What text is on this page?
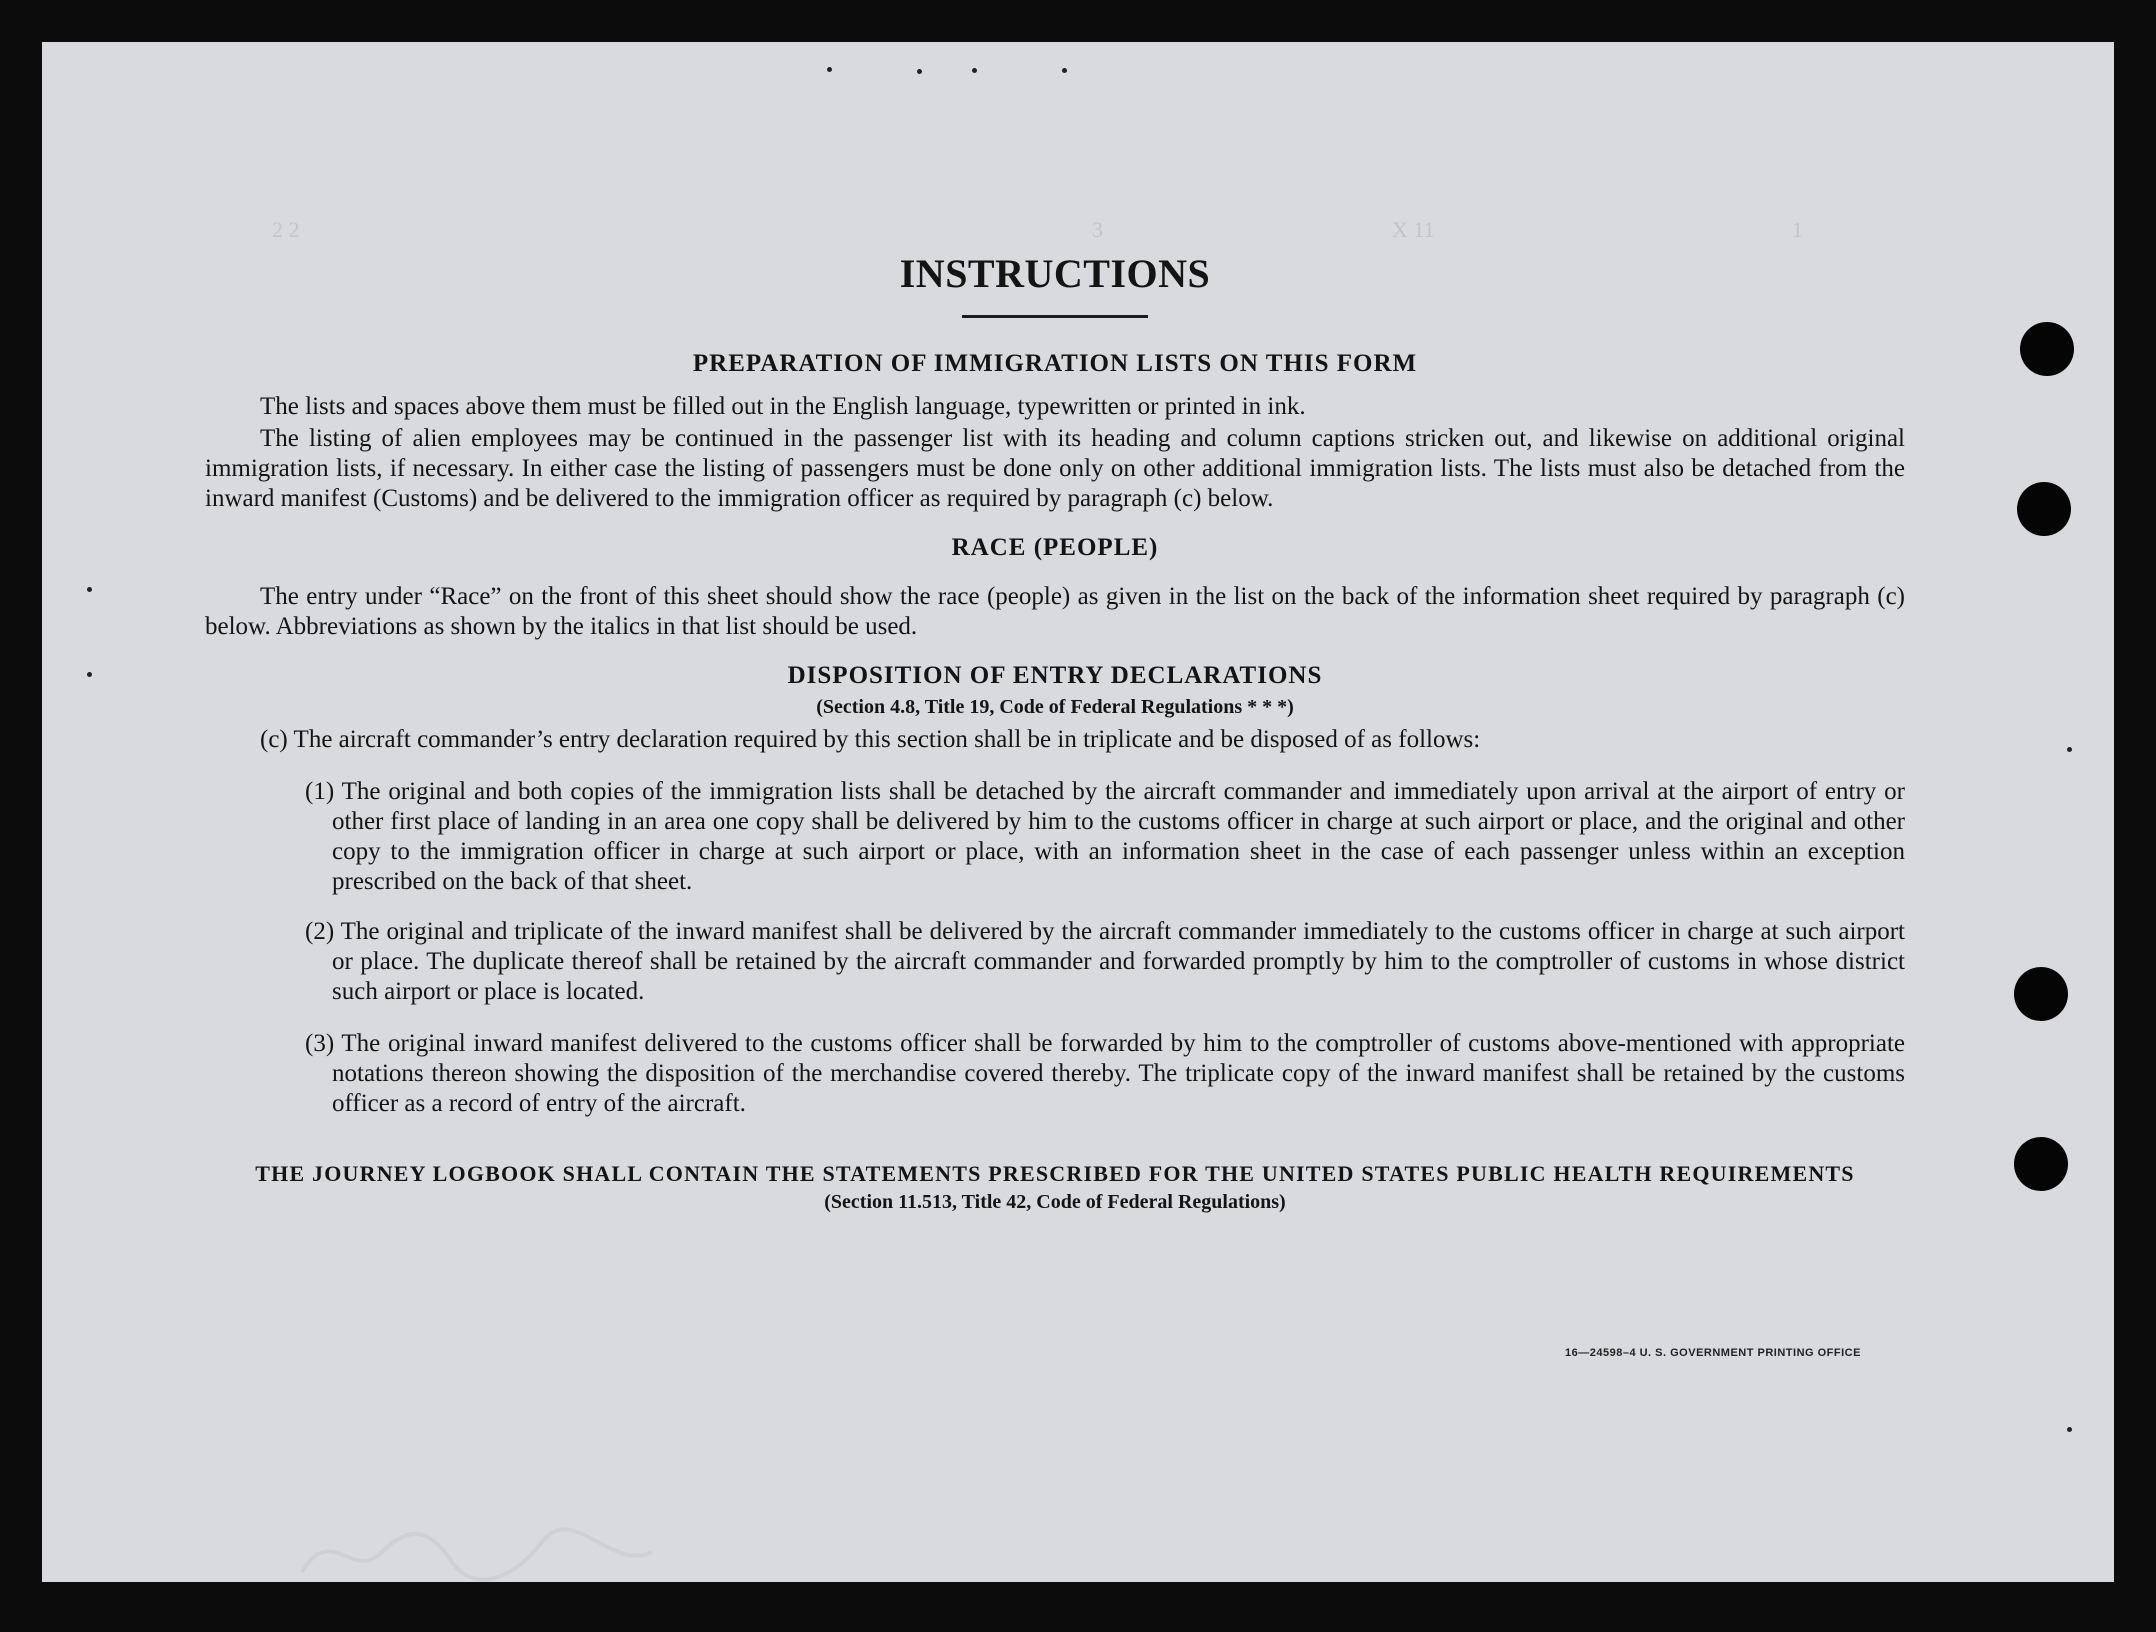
2 2	3	X 11	1
INSTRUCTIONS
PREPARATION OF IMMIGRATION LISTS ON THIS FORM

The lists and spaces above them must be filled out in the English language, typewritten or printed in ink.

The listing of alien employees may be continued in the passenger list with its heading and column captions stricken out, and likewise on additional original immigration lists, if necessary. In either case the listing of passengers must be done only on other additional immigration lists. The lists must also be detached from the inward manifest (Customs) and be delivered to the immigration officer as required by paragraph (c) below.

RACE (PEOPLE)

The entry under “Race” on the front of this sheet should show the race (people) as given in the list on the back of the information sheet required by paragraph (c) below. Abbreviations as shown by the italics in that list should be used.

DISPOSITION OF ENTRY DECLARATIONS
(Section 4.8, Title 19, Code of Federal Regulations * * *)

(c) The aircraft commander’s entry declaration required by this section shall be in triplicate and be disposed of as follows:

(1) The original and both copies of the immigration lists shall be detached by the aircraft commander and immediately upon arrival at the airport of entry or other first place of landing in an area one copy shall be delivered by him to the customs officer in charge at such airport or place, and the original and other copy to the immigration officer in charge at such airport or place, with an information sheet in the case of each passenger unless within an exception prescribed on the back of that sheet.
(2) The original and triplicate of the inward manifest shall be delivered by the aircraft commander immediately to the customs officer in charge at such airport or place. The duplicate thereof shall be retained by the aircraft commander and forwarded promptly by him to the comptroller of customs in whose district such airport or place is located.
(3) The original inward manifest delivered to the customs officer shall be forwarded by him to the comptroller of customs above-mentioned with appropriate notations thereon showing the disposition of the merchandise covered thereby. The triplicate copy of the inward manifest shall be retained by the customs officer as a record of entry of the aircraft.
THE JOURNEY LOGBOOK SHALL CONTAIN THE STATEMENTS PRESCRIBED FOR THE UNITED STATES PUBLIC HEALTH REQUIREMENTS
(Section 11.513, Title 42, Code of Federal Regulations)
16—24598–4 U. S. GOVERNMENT PRINTING OFFICE
